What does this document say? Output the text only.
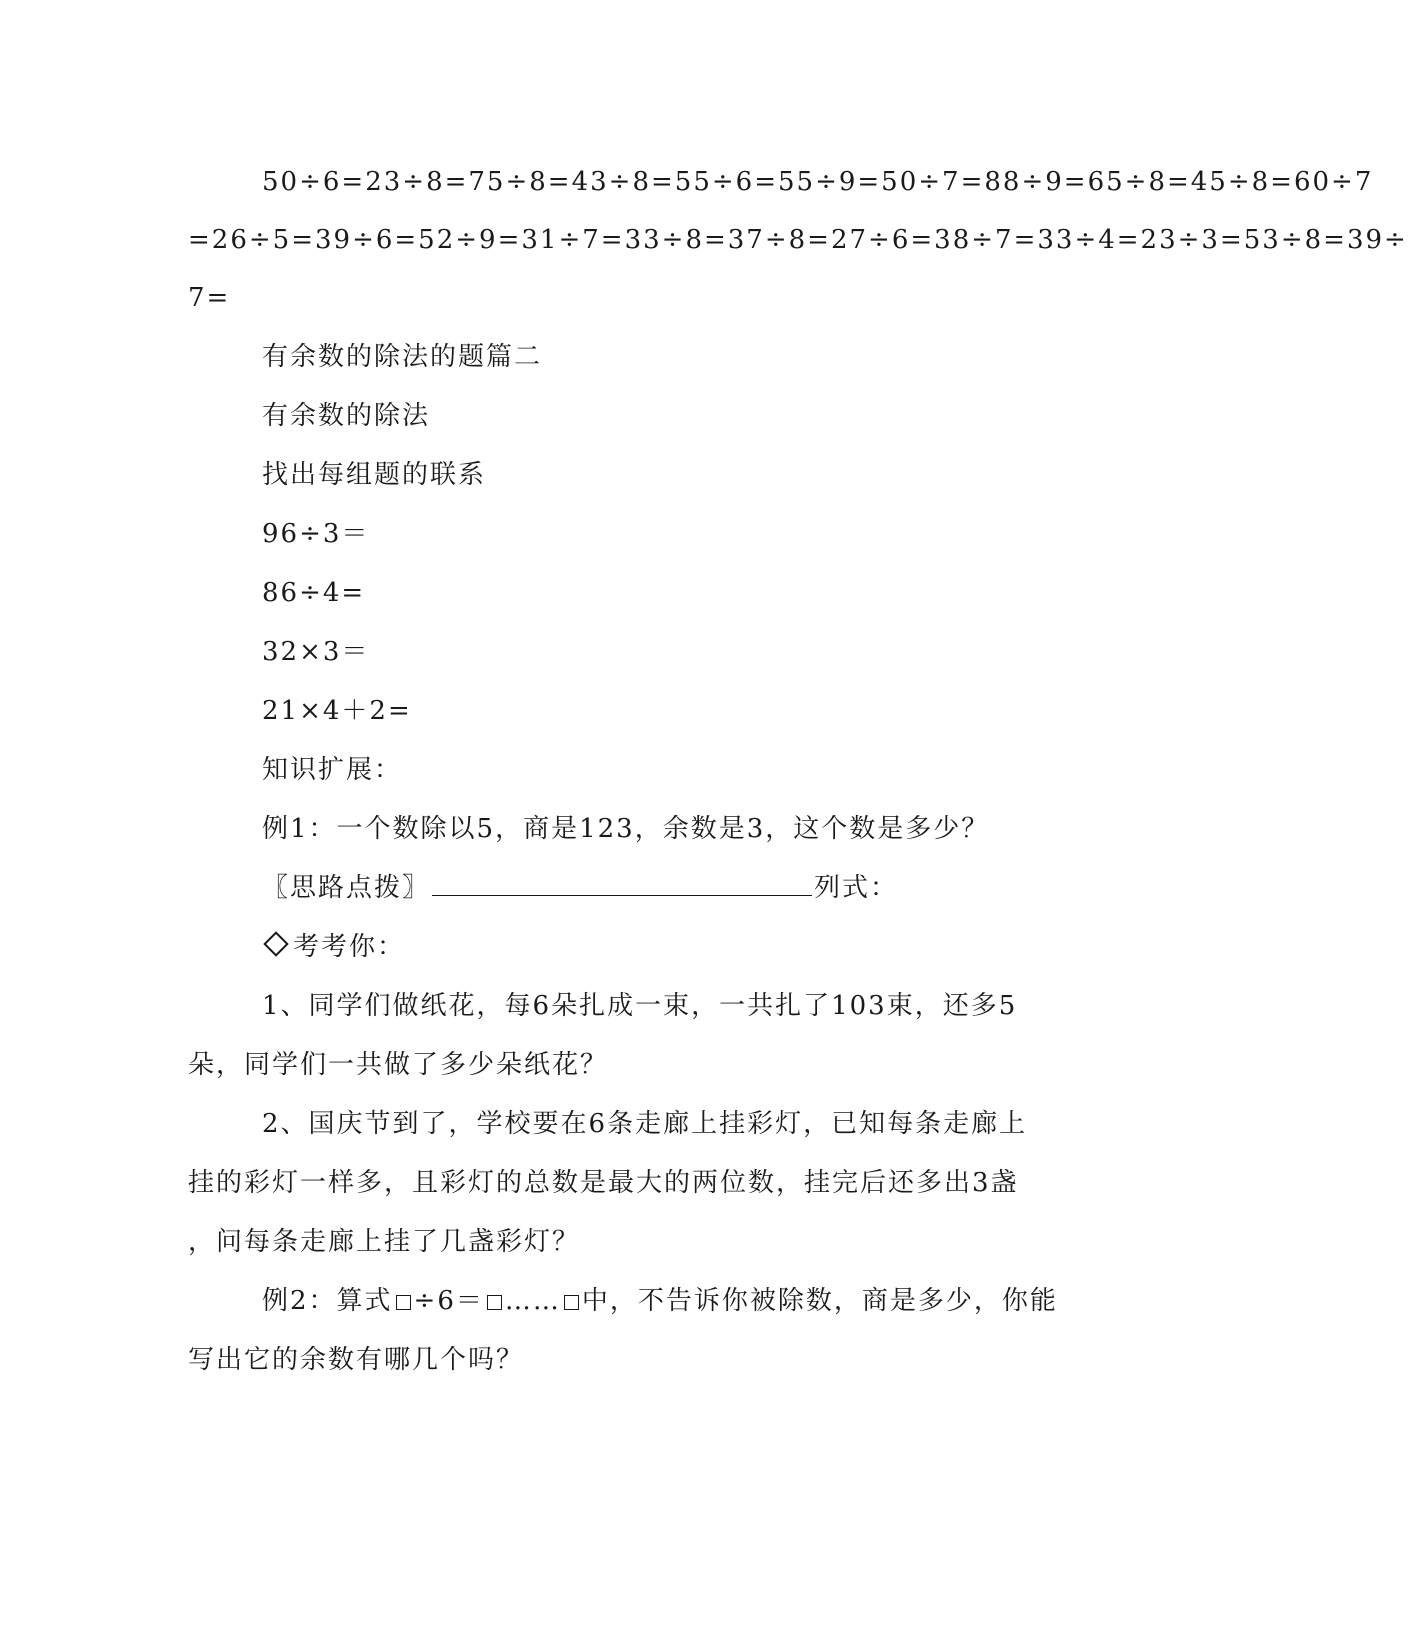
50÷6=23÷8=75÷8=43÷8=55÷6=55÷9=50÷7=88÷9=65÷8=45÷8=60÷7
=26÷5=39÷6=52÷9=31÷7=33÷8=37÷8=27÷6=38÷7=33÷4=23÷3=53÷8=39÷
7=
有余数的除法的题篇二
有余数的除法
找出每组题的联系
96÷3＝
86÷4=
32×3＝
21×4＋2=
知识扩展：
例1：一个数除以5，商是123，余数是3，这个数是多少？
〖思路点拨〗	列式：
考考你：
1、同学们做纸花，每6朵扎成一束，一共扎了103束，还多5
朵，同学们一共做了多少朵纸花？
2、国庆节到了，学校要在6条走廊上挂彩灯，已知每条走廊上
挂的彩灯一样多，且彩灯的总数是最大的两位数，挂完后还多出3盏
，问每条走廊上挂了几盏彩灯？
例2：算式 ÷6＝ …… 中，不告诉你被除数，商是多少，你能
写出它的余数有哪几个吗？
